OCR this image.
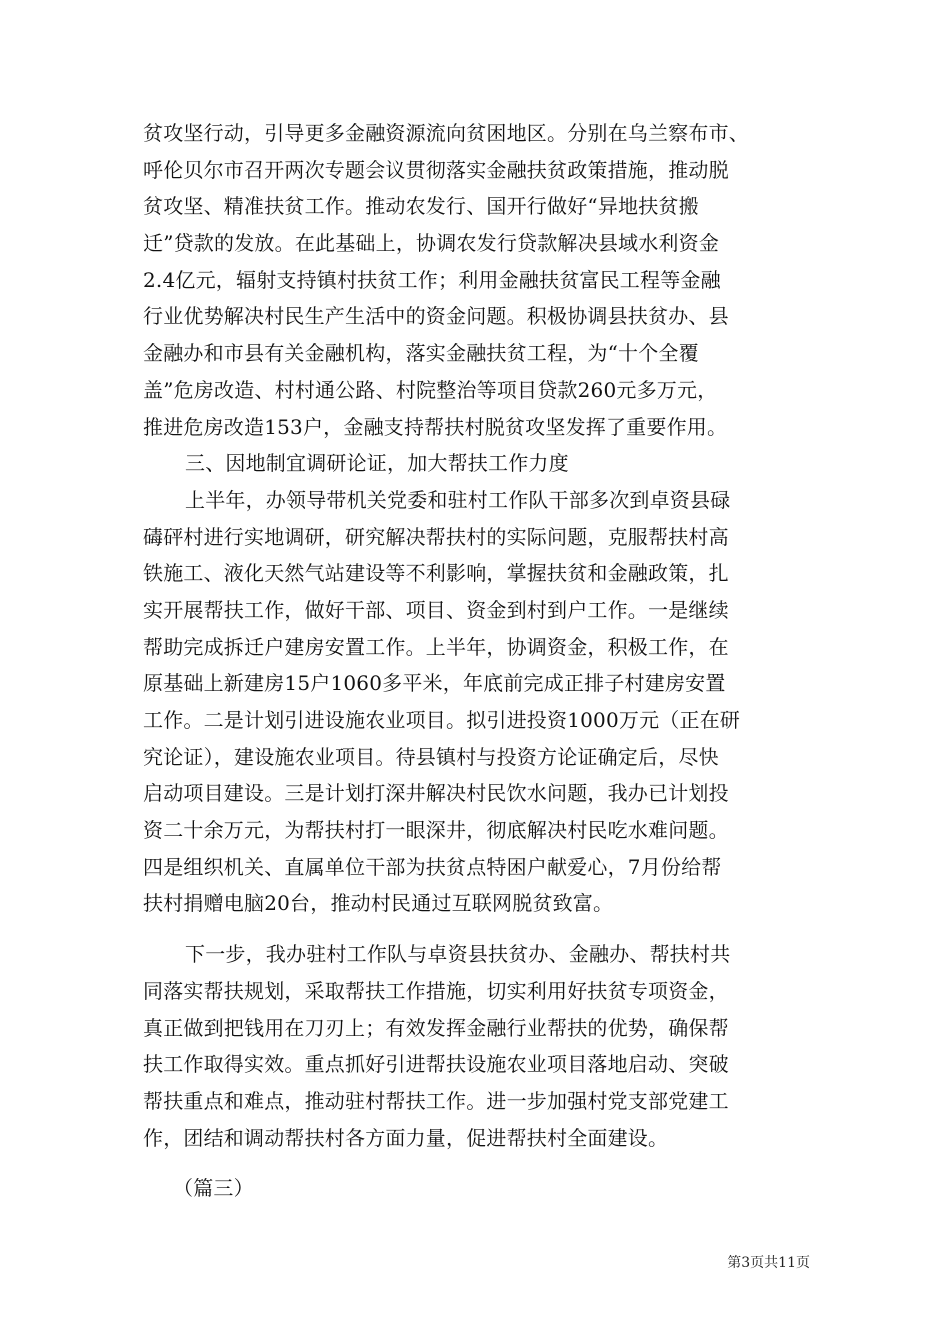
贫攻坚行动，引导更多金融资源流向贫困地区。分别在乌兰察布市、
呼伦贝尔市召开两次专题会议贯彻落实金融扶贫政策措施，推动脱
贫攻坚、精准扶贫工作。推动农发行、国开行做好“异地扶贫搬
迁”贷款的发放。在此基础上，协调农发行贷款解决县域水利资金
2.4亿元，辐射支持镇村扶贫工作；利用金融扶贫富民工程等金融
行业优势解决村民生产生活中的资金问题。积极协调县扶贫办、县
金融办和市县有关金融机构，落实金融扶贫工程，为“十个全覆
盖”危房改造、村村通公路、村院整治等项目贷款260元多万元，
推进危房改造153户，金融支持帮扶村脱贫攻坚发挥了重要作用。
三、因地制宜调研论证，加大帮扶工作力度
上半年，办领导带机关党委和驻村工作队干部多次到卓资县碌
碡砰村进行实地调研，研究解决帮扶村的实际问题，克服帮扶村高
铁施工、液化天然气站建设等不利影响，掌握扶贫和金融政策，扎
实开展帮扶工作，做好干部、项目、资金到村到户工作。一是继续
帮助完成拆迁户建房安置工作。上半年，协调资金，积极工作，在
原基础上新建房15户1060多平米，年底前完成正排子村建房安置
工作。二是计划引进设施农业项目。拟引进投资1000万元（正在研
究论证），建设施农业项目。待县镇村与投资方论证确定后，尽快
启动项目建设。三是计划打深井解决村民饮水问题，我办已计划投
资二十余万元，为帮扶村打一眼深井，彻底解决村民吃水难问题。
四是组织机关、直属单位干部为扶贫点特困户献爱心，7月份给帮
扶村捐赠电脑20台，推动村民通过互联网脱贫致富。
下一步，我办驻村工作队与卓资县扶贫办、金融办、帮扶村共
同落实帮扶规划，采取帮扶工作措施，切实利用好扶贫专项资金，
真正做到把钱用在刀刃上；有效发挥金融行业帮扶的优势，确保帮
扶工作取得实效。重点抓好引进帮扶设施农业项目落地启动、突破
帮扶重点和难点，推动驻村帮扶工作。进一步加强村党支部党建工
作，团结和调动帮扶村各方面力量，促进帮扶村全面建设。
（篇三）
第3页共11页
